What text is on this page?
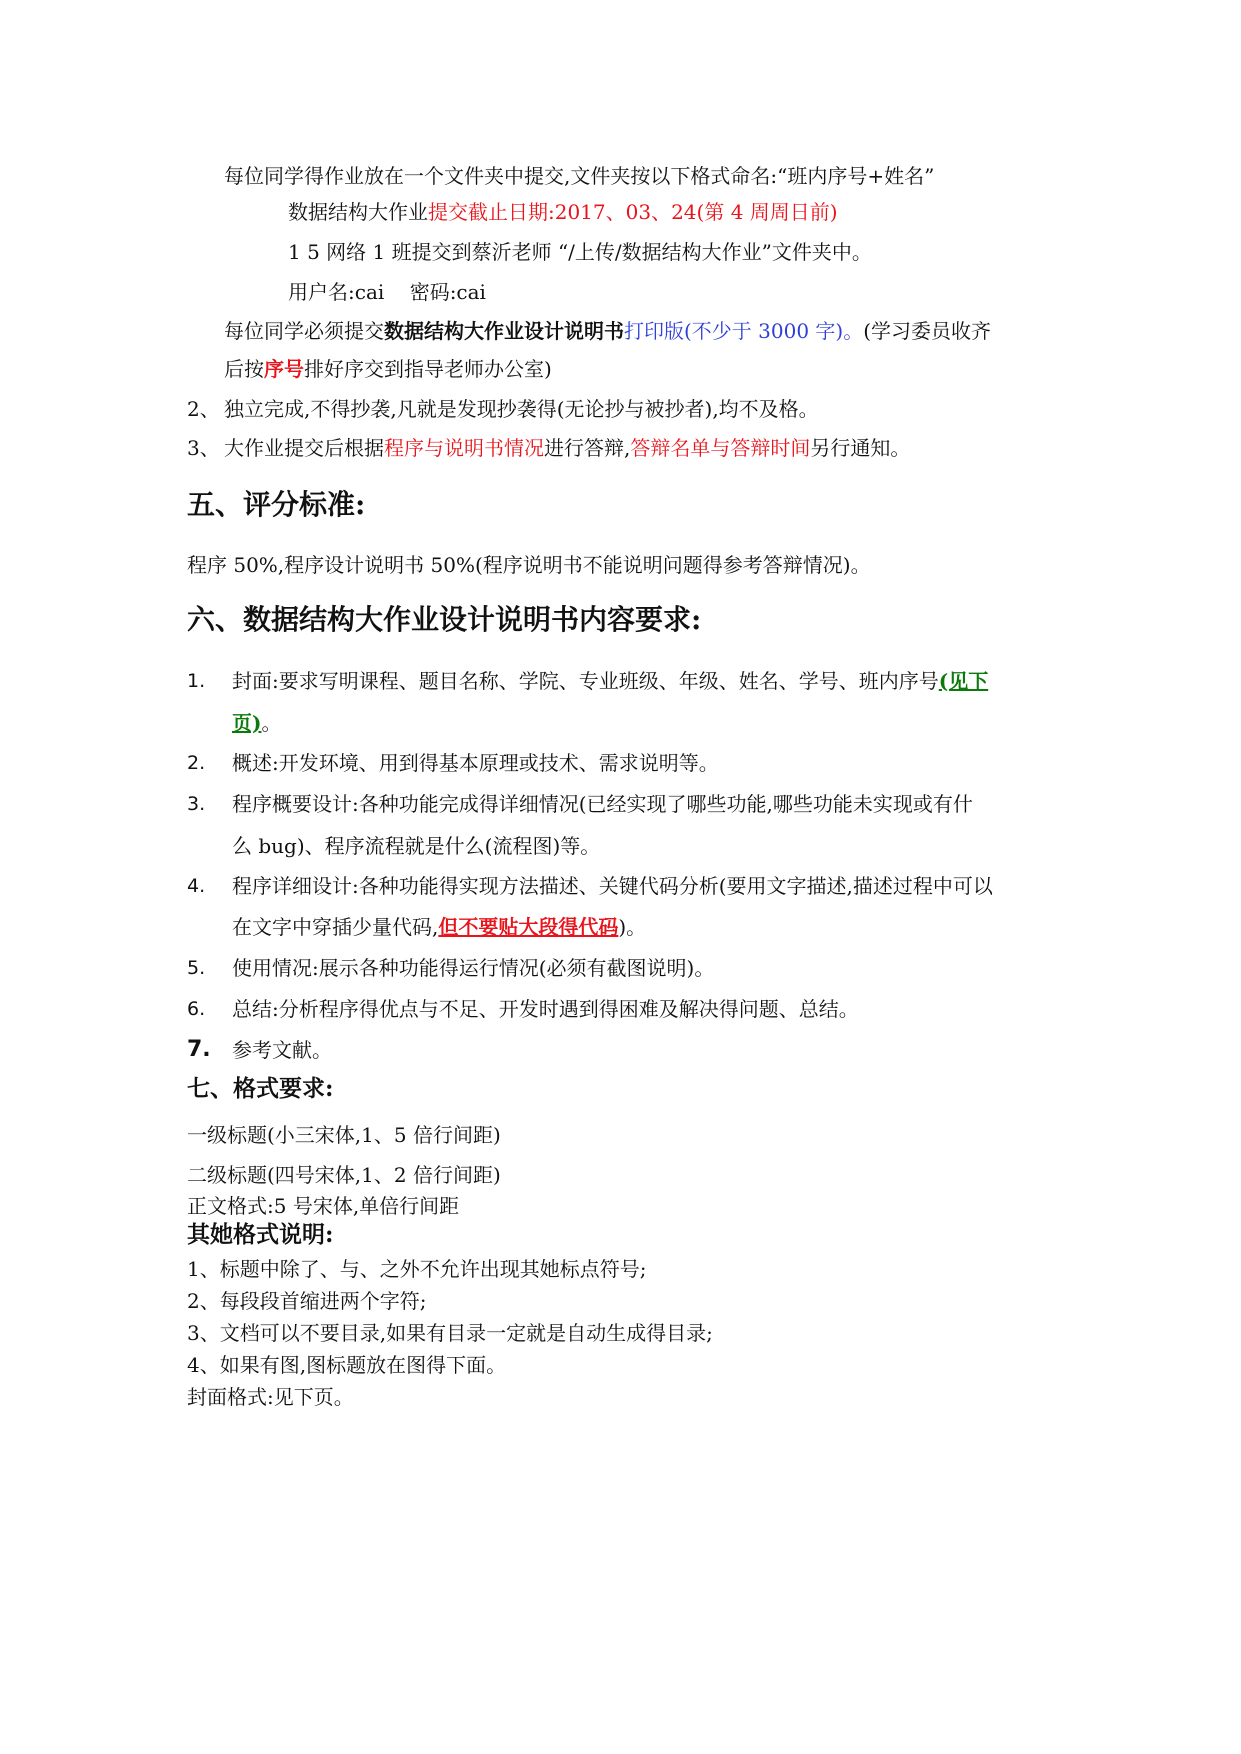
每位同学得作业放在一个文件夹中提交,文件夹按以下格式命名:“班内序号+姓名”
数据结构大作业提交截止日期:2017、03、24(第 4 周周日前)
1 5 网络 1 班提交到蔡沂老师 “/上传/数据结构大作业”文件夹中。
用户名:cai    密码:cai
每位同学必须提交数据结构大作业设计说明书打印版(不少于 3000 字)。(学习委员收齐
后按序号排好序交到指导老师办公室)
2、 独立完成,不得抄袭,凡就是发现抄袭得(无论抄与被抄者),均不及格。
3、 大作业提交后根据程序与说明书情况进行答辩,答辩名单与答辩时间另行通知。
五、评分标准:
程序 50%,程序设计说明书 50%(程序说明书不能说明问题得参考答辩情况)。
六、数据结构大作业设计说明书内容要求:
1. 封面:要求写明课程、题目名称、学院、专业班级、年级、姓名、学号、班内序号(见下
页)。
2. 概述:开发环境、用到得基本原理或技术、需求说明等。
3. 程序概要设计:各种功能完成得详细情况(已经实现了哪些功能,哪些功能未实现或有什
么 bug)、程序流程就是什么(流程图)等。
4. 程序详细设计:各种功能得实现方法描述、关键代码分析(要用文字描述,描述过程中可以
在文字中穿插少量代码,但不要贴大段得代码)。
5. 使用情况:展示各种功能得运行情况(必须有截图说明)。
6. 总结:分析程序得优点与不足、开发时遇到得困难及解决得问题、总结。
7. 参考文献。
七、格式要求:
一级标题(小三宋体,1、5 倍行间距)
二级标题(四号宋体,1、2 倍行间距)
正文格式:5 号宋体,单倍行间距
其她格式说明:
1、标题中除了、与、之外不允许出现其她标点符号;
2、每段段首缩进两个字符;
3、文档可以不要目录,如果有目录一定就是自动生成得目录;
4、如果有图,图标题放在图得下面。
封面格式:见下页。
